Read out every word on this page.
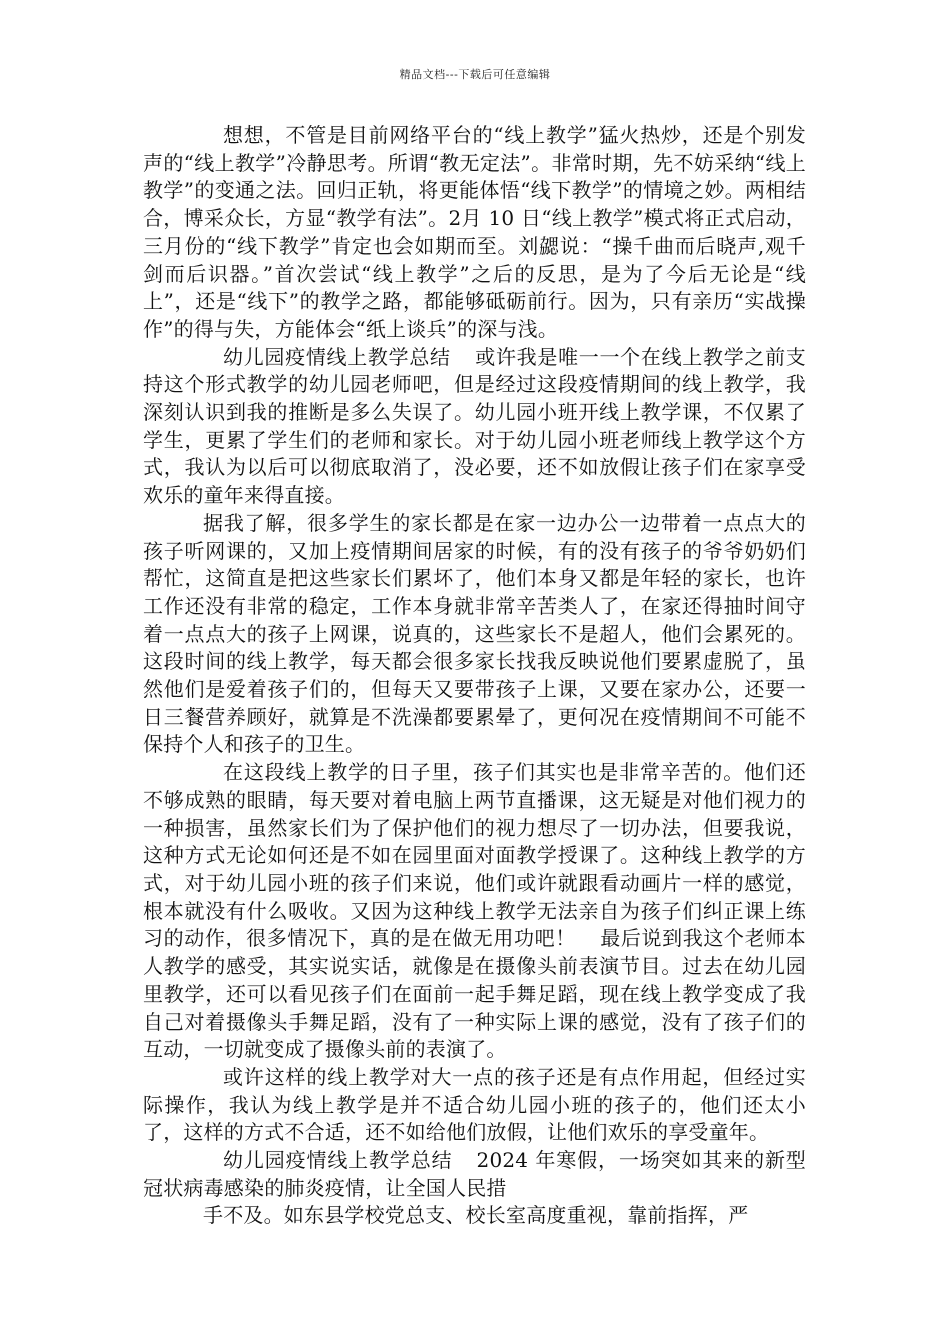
精品文档---下载后可任意编辑

想想，不管是目前网络平台的“线上教学”猛火热炒，还是个别发声的“线上教学”冷静思考。所谓“教无定法”。非常时期，先不妨采纳“线上教学”的变通之法。回归正轨，将更能体悟“线下教学”的情境之妙。两相结合，博采众长，方显“教学有法”。2月 10 日“线上教学”模式将正式启动，三月份的“线下教学”肯定也会如期而至。刘勰说：“操千曲而后晓声,观千剑而后识器。”首次尝试“线上教学”之后的反思，是为了今后无论是“线上”，还是“线下”的教学之路，都能够砥砺前行。因为，只有亲历“实战操作”的得与失，方能体会“纸上谈兵”的深与浅。

幼儿园疫情线上教学总结 或许我是唯一一个在线上教学之前支持这个形式教学的幼儿园老师吧，但是经过这段疫情期间的线上教学，我深刻认识到我的推断是多么失误了。幼儿园小班开线上教学课，不仅累了学生，更累了学生们的老师和家长。对于幼儿园小班老师线上教学这个方式，我认为以后可以彻底取消了，没必要，还不如放假让孩子们在家享受欢乐的童年来得直接。

据我了解，很多学生的家长都是在家一边办公一边带着一点点大的孩子听网课的，又加上疫情期间居家的时候，有的没有孩子的爷爷奶奶们帮忙，这简直是把这些家长们累坏了，他们本身又都是年轻的家长，也许工作还没有非常的稳定，工作本身就非常辛苦类人了，在家还得抽时间守着一点点大的孩子上网课，说真的，这些家长不是超人，他们会累死的。这段时间的线上教学，每天都会很多家长找我反映说他们要累虚脱了，虽然他们是爱着孩子们的，但每天又要带孩子上课，又要在家办公，还要一日三餐营养顾好，就算是不洗澡都要累晕了，更何况在疫情期间不可能不保持个人和孩子的卫生。

在这段线上教学的日子里，孩子们其实也是非常辛苦的。他们还不够成熟的眼睛，每天要对着电脑上两节直播课，这无疑是对他们视力的一种损害，虽然家长们为了保护他们的视力想尽了一切办法，但要我说，这种方式无论如何还是不如在园里面对面教学授课了。这种线上教学的方式，对于幼儿园小班的孩子们来说，他们或许就跟看动画片一样的感觉，根本就没有什么吸收。又因为这种线上教学无法亲自为孩子们纠正课上练习的动作，很多情况下，真的是在做无用功吧！ 最后说到我这个老师本人教学的感受，其实说实话，就像是在摄像头前表演节目。过去在幼儿园里教学，还可以看见孩子们在面前一起手舞足蹈，现在线上教学变成了我自己对着摄像头手舞足蹈，没有了一种实际上课的感觉，没有了孩子们的互动，一切就变成了摄像头前的表演了。

或许这样的线上教学对大一点的孩子还是有点作用起，但经过实际操作，我认为线上教学是并不适合幼儿园小班的孩子的，他们还太小了，这样的方式不合适，还不如给他们放假，让他们欢乐的享受童年。

幼儿园疫情线上教学总结 2024 年寒假，一场突如其来的新型冠状病毒感染的肺炎疫情，让全国人民措

手不及。如东县学校党总支、校长室高度重视，靠前指挥，严
